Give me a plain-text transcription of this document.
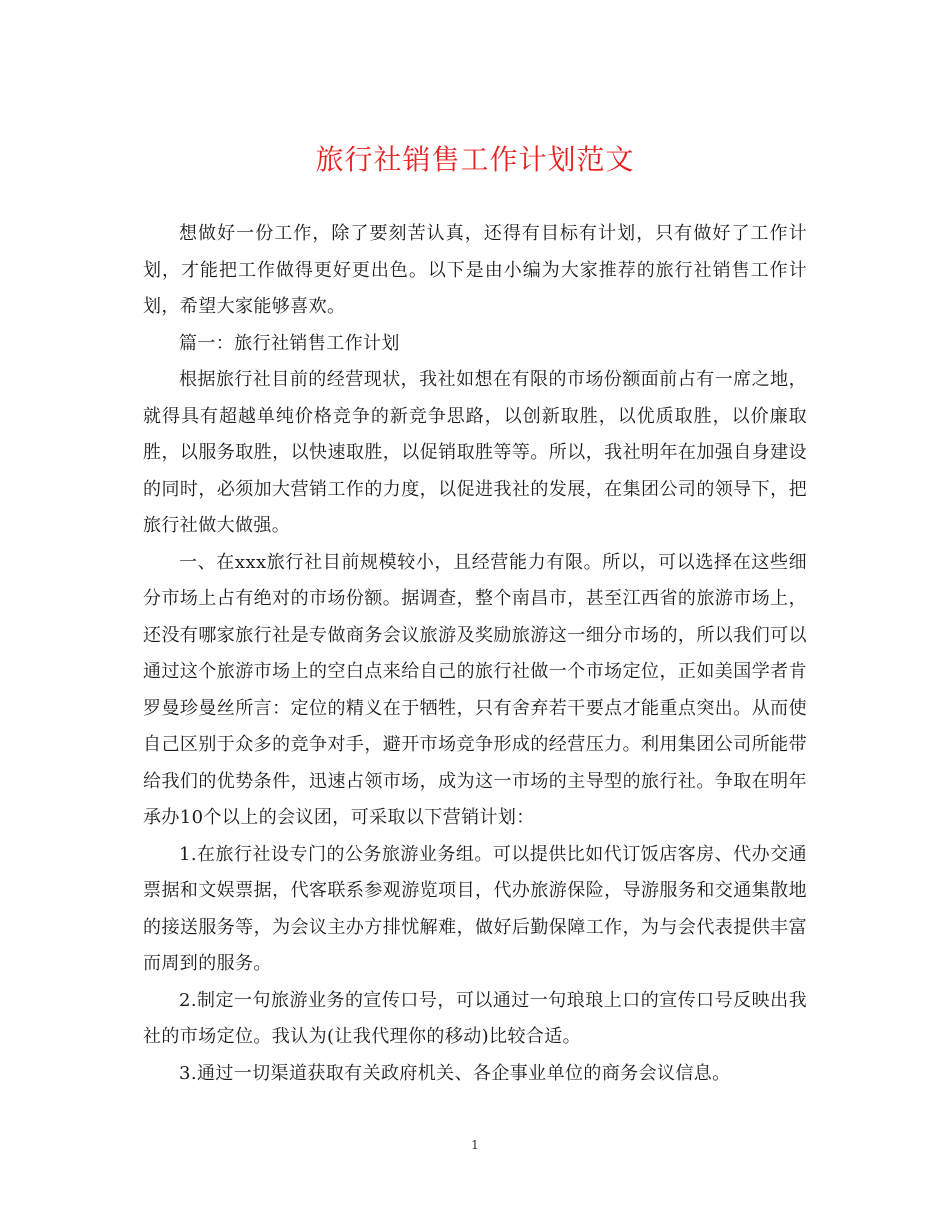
旅行社销售工作计划范文

想做好一份工作，除了要刻苦认真，还得有目标有计划，只有做好了工作计划，才能把工作做得更好更出色。以下是由小编为大家推荐的旅行社销售工作计划，希望大家能够喜欢。

篇一：旅行社销售工作计划

根据旅行社目前的经营现状，我社如想在有限的市场份额面前占有一席之地，就得具有超越单纯价格竞争的新竞争思路，以创新取胜，以优质取胜，以价廉取胜，以服务取胜，以快速取胜，以促销取胜等等。所以，我社明年在加强自身建设的同时，必须加大营销工作的力度，以促进我社的发展，在集团公司的领导下，把旅行社做大做强。

一、在xxx旅行社目前规模较小，且经营能力有限。所以，可以选择在这些细分市场上占有绝对的市场份额。据调查，整个南昌市，甚至江西省的旅游市场上，还没有哪家旅行社是专做商务会议旅游及奖励旅游这一细分市场的，所以我们可以通过这个旅游市场上的空白点来给自己的旅行社做一个市场定位，正如美国学者肯罗曼珍曼丝所言：定位的精义在于牺牲，只有舍弃若干要点才能重点突出。从而使自己区别于众多的竞争对手，避开市场竞争形成的经营压力。利用集团公司所能带给我们的优势条件，迅速占领市场，成为这一市场的主导型的旅行社。争取在明年承办10个以上的会议团，可采取以下营销计划：

1.在旅行社设专门的公务旅游业务组。可以提供比如代订饭店客房、代办交通票据和文娱票据，代客联系参观游览项目，代办旅游保险，导游服务和交通集散地的接送服务等，为会议主办方排忧解难，做好后勤保障工作，为与会代表提供丰富而周到的服务。

2.制定一句旅游业务的宣传口号，可以通过一句琅琅上口的宣传口号反映出我社的市场定位。我认为(让我代理你的移动)比较合适。

3.通过一切渠道获取有关政府机关、各企事业单位的商务会议信息。

1
